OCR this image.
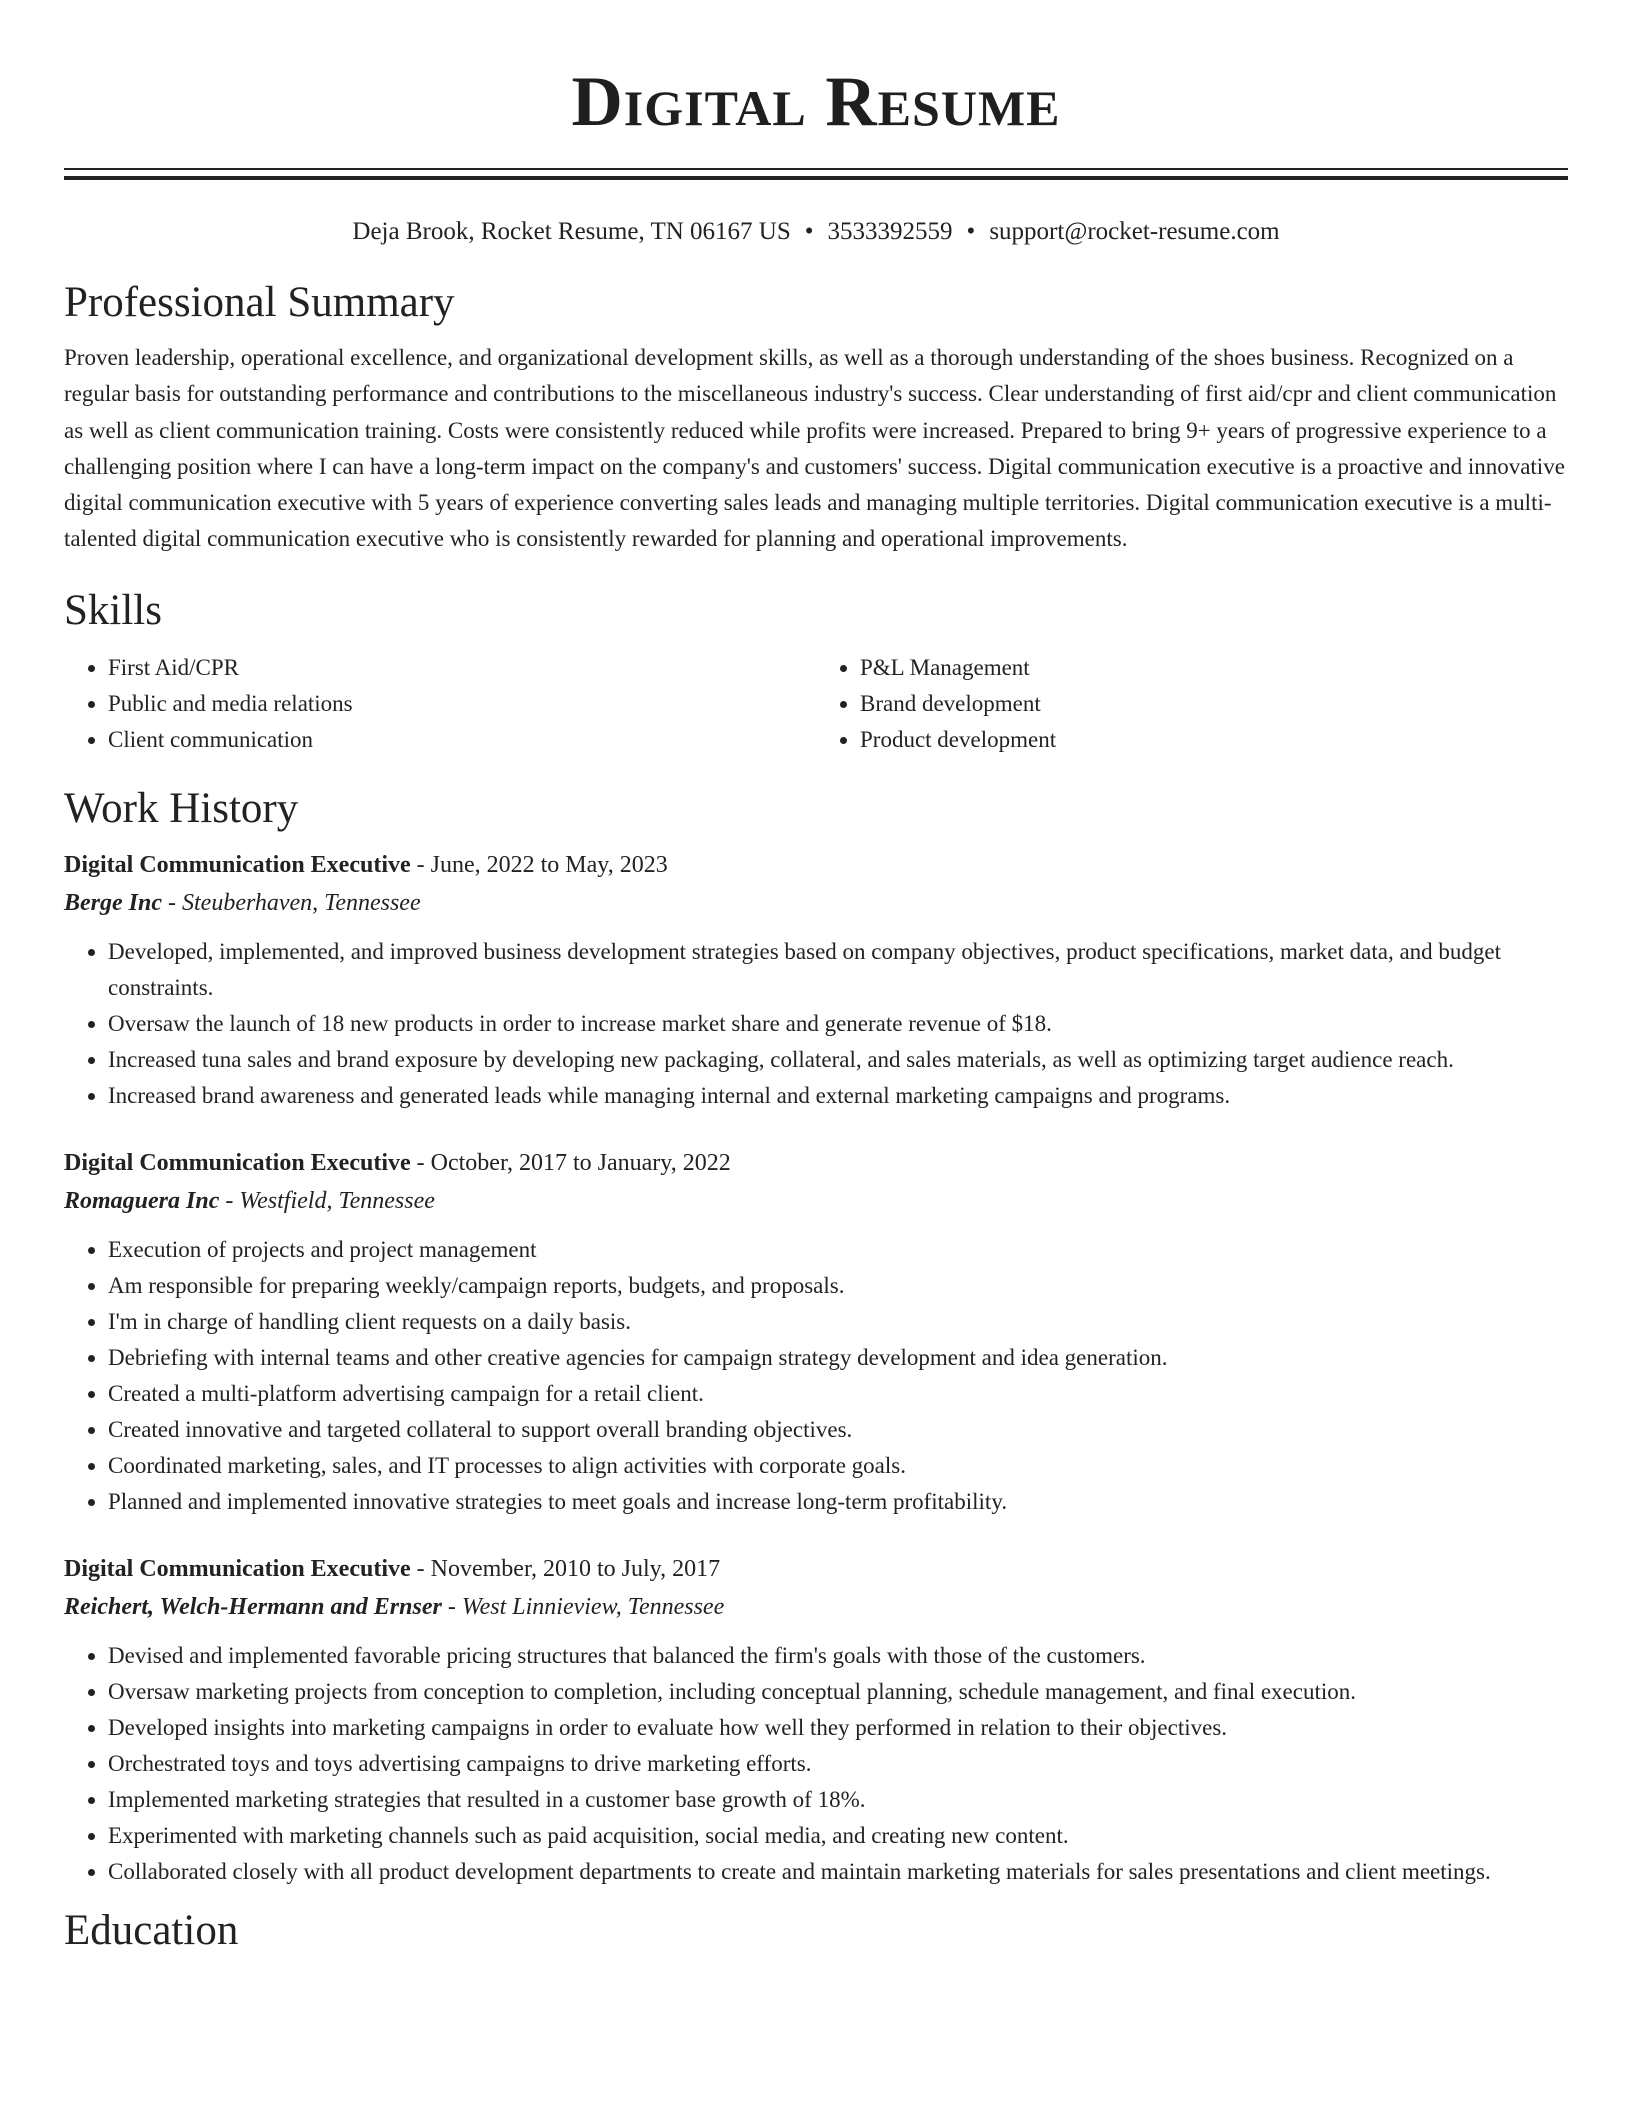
Digital Resume
Deja Brook, Rocket Resume, TN 06167 US • 3533392559 • support@rocket-resume.com
Professional Summary

Proven leadership, operational excellence, and organizational development skills, as well as a thorough understanding of the shoes business. Recognized on a regular basis for outstanding performance and contributions to the miscellaneous industry's success. Clear understanding of first aid/cpr and client communication as well as client communication training. Costs were consistently reduced while profits were increased. Prepared to bring 9+ years of progressive experience to a challenging position where I can have a long-term impact on the company's and customers' success. Digital communication executive is a proactive and innovative digital communication executive with 5 years of experience converting sales leads and managing multiple territories. Digital communication executive is a multi-talented digital communication executive who is consistently rewarded for planning and operational improvements.

Skills
• First Aid/CPR
• Public and media relations
• Client communication
• P&L Management
• Brand development
• Product development
Work History
Digital Communication Executive - June, 2022 to May, 2023
Berge Inc - Steuberhaven, Tennessee
• Developed, implemented, and improved business development strategies based on company objectives, product specifications, market data, and budget constraints.
• Oversaw the launch of 18 new products in order to increase market share and generate revenue of $18.
• Increased tuna sales and brand exposure by developing new packaging, collateral, and sales materials, as well as optimizing target audience reach.
• Increased brand awareness and generated leads while managing internal and external marketing campaigns and programs.
Digital Communication Executive - October, 2017 to January, 2022
Romaguera Inc - Westfield, Tennessee
• Execution of projects and project management
• Am responsible for preparing weekly/campaign reports, budgets, and proposals.
• I'm in charge of handling client requests on a daily basis.
• Debriefing with internal teams and other creative agencies for campaign strategy development and idea generation.
• Created a multi-platform advertising campaign for a retail client.
• Created innovative and targeted collateral to support overall branding objectives.
• Coordinated marketing, sales, and IT processes to align activities with corporate goals.
• Planned and implemented innovative strategies to meet goals and increase long-term profitability.
Digital Communication Executive - November, 2010 to July, 2017
Reichert, Welch-Hermann and Ernser - West Linnieview, Tennessee
• Devised and implemented favorable pricing structures that balanced the firm's goals with those of the customers.
• Oversaw marketing projects from conception to completion, including conceptual planning, schedule management, and final execution.
• Developed insights into marketing campaigns in order to evaluate how well they performed in relation to their objectives.
• Orchestrated toys and toys advertising campaigns to drive marketing efforts.
• Implemented marketing strategies that resulted in a customer base growth of 18%.
• Experimented with marketing channels such as paid acquisition, social media, and creating new content.
• Collaborated closely with all product development departments to create and maintain marketing materials for sales presentations and client meetings.
Education
